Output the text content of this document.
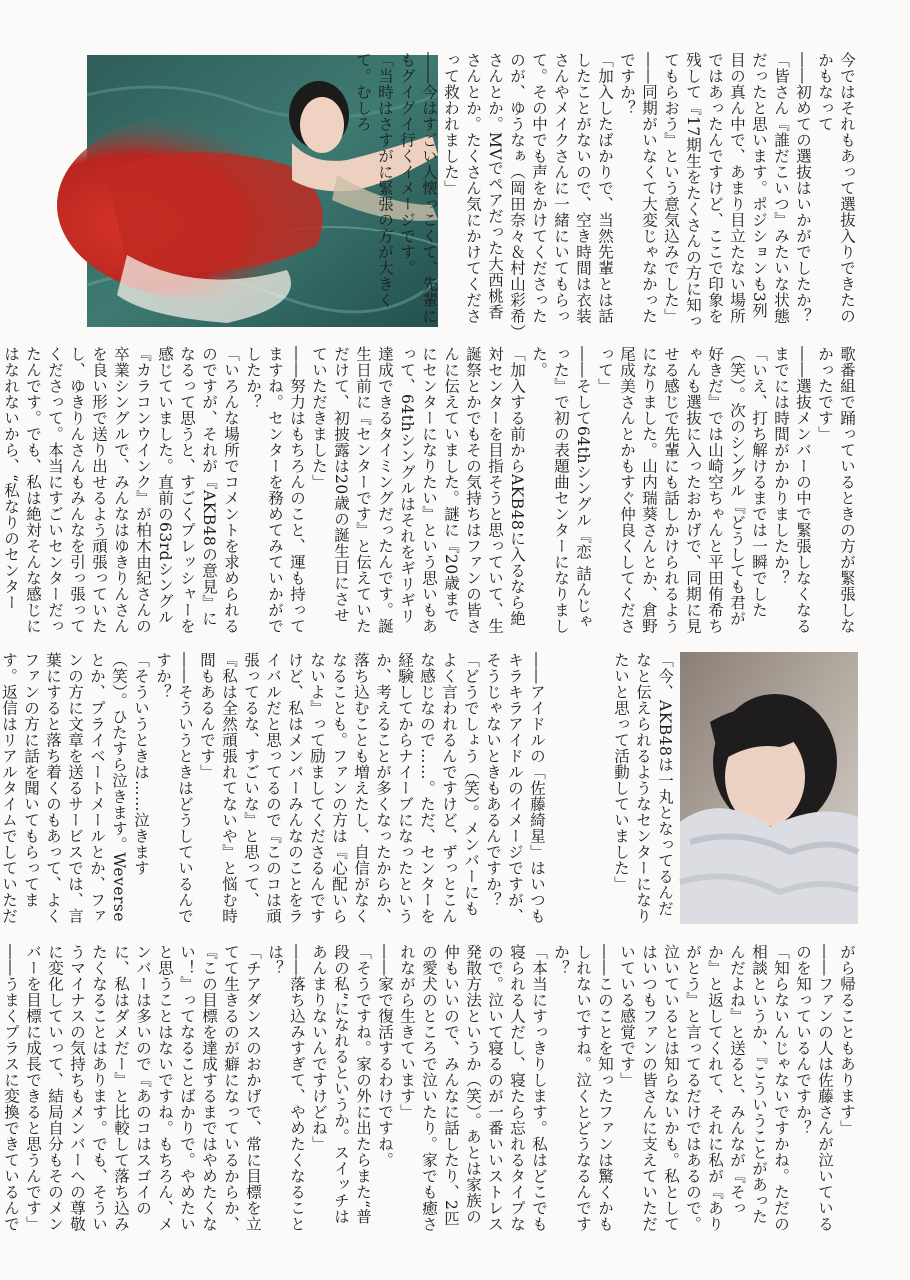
今ではそれもあって選抜入りできたのかもなって

――初めての選抜はいかがでしたか？

「皆さん『誰だこいつ』みたいな状態だったと思います。ポジションも3列目の真ん中で、あまり目立たない場所ではあったんですけど、ここで印象を残して『17期生をたくさんの方に知ってもらおう』という意気込みでした」

――同期がいなくて大変じゃなかったですか？

「加入したばかりで、当然先輩とは話したことがないので、空き時間は衣装さんやメイクさんに一緒にいてもらって。その中でも声をかけてくださったのが、ゆうなぁ（岡田奈々＆村山彩希）さんとか。MVでペアだった大西桃香さんとか。たくさん気にかけてくださって救われました」

――今はすごい人懐っこくて、先輩にもグイグイ行くイメージです。

「当時はさすがに緊張の方が大きくて。むしろ

歌番組で踊っているときの方が緊張しなかったです」

――選抜メンバーの中で緊張しなくなるまでには時間がかかりましたか？

「いえ、打ち解けるまでは一瞬でした（笑）。次のシングル『どうしても君が好きだ』では山崎空ちゃんと平田侑希ちゃんも選抜に入ったおかげで、同期に見せる感じで先輩にも話しかけられるようになりました。山内瑞葵さんとか、倉野尾成美さんとかもすぐ仲良くしてくださって」

――そして64thシングル『恋 詰んじゃった』で初の表題曲センターになりました。

「加入する前からAKB48に入るなら絶対センターを目指そうと思っていて、生誕祭とかでもその気持ちはファンの皆さんに伝えていました。謎に『20歳までにセンターになりたい』という思いもあって、64thシングルはそれをギリギリ達成できるタイミングだったんです。誕生日前に『センターです』と伝えていただけて、初披露は20歳の誕生日にさせていただきました」

――努力はもちろんのこと、運も持ってますね。センターを務めてみていかがでしたか？

「いろんな場所でコメントを求められるのですが、それが『AKB48の意見』になるって思うと、すごくプレッシャーを感じていました。直前の63rdシングル『カラコンウインク』が柏木由紀さんの卒業シングルで、みんなはゆきりんさんを良い形で送り出せるよう頑張っていたし、ゆきりんさんもみんなを引っ張ってくださって。本当にすごいセンターだったんです。でも、私は絶対そんな感じにはなれないから、“私なりのセンター

「今、AKB48は一丸となってるんだなと伝えられるようなセンターになりたいと思って活動していました」

――アイドルの「佐藤綺星」はいつもキラキラアイドルのイメージですが、そうじゃないときもあるんですか？

「どうでしょう（笑）。メンバーにもよく言われるんですけど、ずっとこんな感じなので……。ただ、センターを経験してからナイーブになったというか、考えることが多くなったからか、落ち込むことも増えたし、自信がなくなることも。ファンの方は『心配いらないよ』って励ましてくださるんですけど、私はメンバーみんなのことをライバルだと思ってるので『このコは頑張ってるな、すごいな』と思って、『私は全然頑張れてないや』と悩む時間もあるんです」

――そういうときはどうしているんですか？

「そういうときは……泣きます（笑）。ひたすら泣きます。Weverseとか、プライベートメールとか、ファンの方に文章を送るサービスでは、言葉にすると落ち着くのもあって、よくファンの方に話を聞いてもらってます。返信はリアルタイムでしていただ

がら帰ることもあります」

――ファンの人は佐藤さんが泣いているのを知っているんですか？

「知らないんじゃないですかね。ただの相談というか、『こういうことがあったんだよね』と送ると、みんなが『そっか』と返してくれて、それに私が『ありがとう』と言ってるだけではあるので。泣いているとは知らないかも。私としてはいつもファンの皆さんに支えていただいている感覚です」

――このことを知ったファンは驚くかもしれないですね。泣くとどうなるんですか？

「本当にすっきりします。私はどこでも寝られる人だし、寝たら忘れるタイプなので。泣いて寝るのが一番いいストレス発散方法というか（笑）。あとは家族の仲もいいので、みんなに話したり、2匹の愛犬のところで泣いたり。家でも癒されながら生きています」

――家で復活するわけですね。

「そうですね。家の外に出たらまた“普段の私”になれるというか。スイッチはあんまりないんですけどね」

――落ち込みすぎて、やめたくなることは？

「チアダンスのおかげで、常に目標を立てて生きるのが癖になっているからか、『この目標を達成するまではやめたくない！』ってなることばかりで。やめたいと思うことはないですね。もちろん、メンバーは多いので『あのコはスゴイのに、私はダメだー』と比較して落ち込みたくなることはあります。でも、そういうマイナスの気持ちもメンバーへの尊敬に変化していって、結局自分もそのメンバーを目標に成長できると思うんです」

――うまくプラスに変換できているんで
